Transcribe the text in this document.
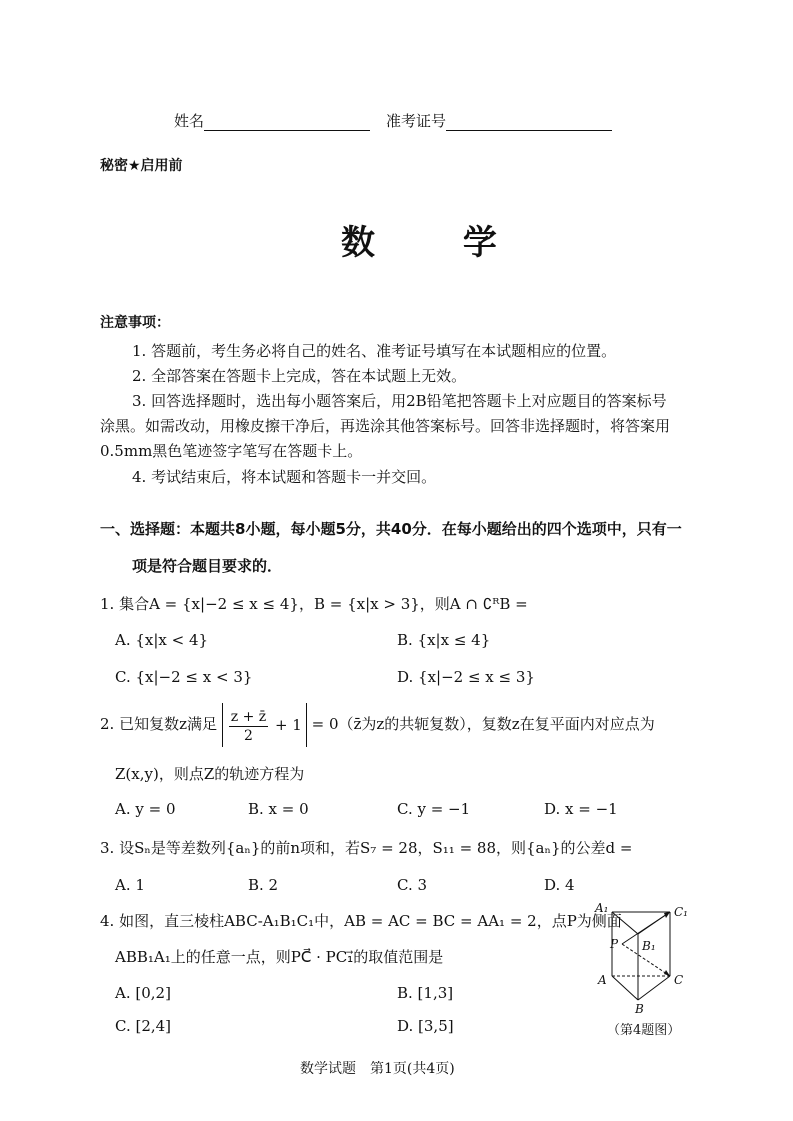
姓名	准考证号
秘密★启用前
数 学
注意事项：
1. 答题前，考生务必将自己的姓名、准考证号填写在本试题相应的位置。
2. 全部答案在答题卡上完成，答在本试题上无效。
3. 回答选择题时，选出每小题答案后，用2B铅笔把答题卡上对应题目的答案标号
涂黑。如需改动，用橡皮擦干净后，再选涂其他答案标号。回答非选择题时，将答案用
0.5mm黑色笔迹签字笔写在答题卡上。
4. 考试结束后，将本试题和答题卡一并交回。
一、选择题：本题共8小题，每小题5分，共40分．在每小题给出的四个选项中，只有一
项是符合题目要求的．
1. 集合A = {x|−2 ≤ x ≤ 4}，B = {x|x > 3}，则A ∩ ∁ᴿB =
A. {x|x < 4}	B. {x|x ≤ 4}
C. {x|−2 ≤ x < 3}	D. {x|−2 ≤ x ≤ 3}
2. 已知复数z满足 $\frac{z + z̄}{2} + 1$ = 0（z̄为z的共轭复数），复数z在复平面内对应点为
Z(x,y)，则点Z的轨迹方程为
A. y = 0	B. x = 0	C. y = −1	D. x = −1
3. 设Sₙ是等差数列{aₙ}的前n项和，若S₇ = 28，S₁₁ = 88，则{aₙ}的公差d =
A. 1	B. 2	C. 3	D. 4
4. 如图，直三棱柱ABC-A₁B₁C₁中，AB = AC = BC = AA₁ = 2，点P为侧面
ABB₁A₁上的任意一点，则PC⃗ · PC₁⃗的取值范围是
A. [0,2]	B. [1,3]
C. [2,4]	D. [3,5]
A₁	C₁
P B₁
A	C
B
（第4题图）
数学试题　第1页(共4页)
